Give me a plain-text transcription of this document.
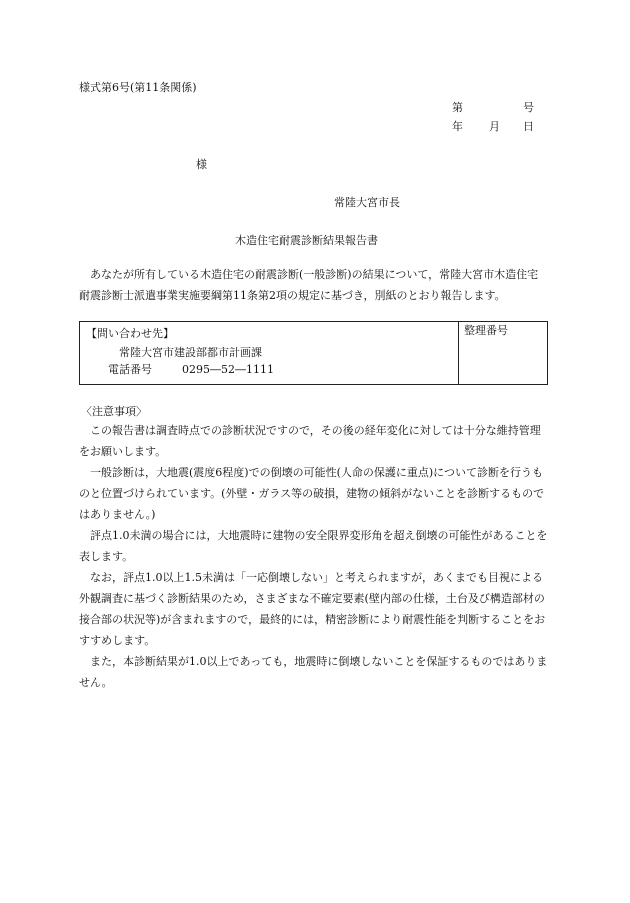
様式第6号(第11条関係)
第	号
年 月 日
様
常陸大宮市長
木造住宅耐震診断結果報告書
あなたが所有している木造住宅の耐震診断(一般診断)の結果について，常陸大宮市木造住宅耐震診断士派遣事業実施要綱第11条第2項の規定に基づき，別紙のとおり報告します。
【問い合わせ先】
常陸大宮市建設部都市計画課
電話番号	0295―52―1111
整理番号
〈注意事項〉
この報告書は調査時点での診断状況ですので，その後の経年変化に対しては十分な維持管理をお願いします。
一般診断は，大地震(震度6程度)での倒壊の可能性(人命の保護に重点)について診断を行うものと位置づけられています。(外壁・ガラス等の破損，建物の傾斜がないことを診断するものではありません。)
評点1.0未満の場合には，大地震時に建物の安全限界変形角を超え倒壊の可能性があることを表します。
なお，評点1.0以上1.5未満は「一応倒壊しない」と考えられますが，あくまでも目視による外観調査に基づく診断結果のため，さまざまな不確定要素(壁内部の仕様，土台及び構造部材の接合部の状況等)が含まれますので，最終的には，精密診断により耐震性能を判断することをおすすめします。
また，本診断結果が1.0以上であっても，地震時に倒壊しないことを保証するものではありません。
